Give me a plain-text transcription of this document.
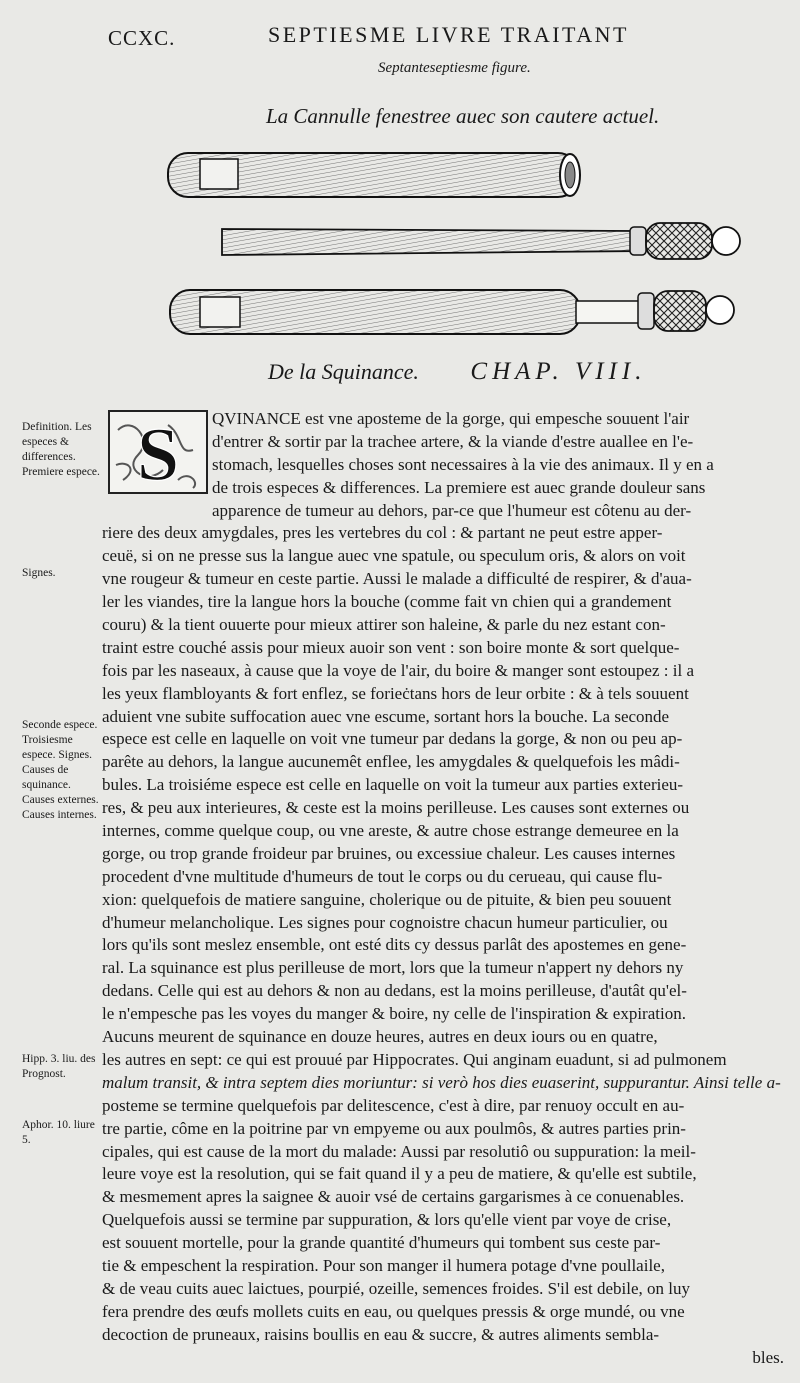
CCXC.	SEPTIESME LIVRE TRAITANT
Septanteseptiesme figure.
La Cannulle fenestree auec son cautere actuel.
De la Squinance. CHAP. VIII.
Definition. Les especes & differences. Premiere espece.
Signes.
Seconde espece. Troisiesme espece. Signes. Causes de squinance. Causes externes. Causes internes.
Hipp. 3. liu. des Prognost.
Aphor. 10. liure 5.
S	QVINANCE est vne aposteme de la gorge, qui empesche souuent l'air
d'entrer & sortir par la trachee artere, & la viande d'estre auallee en l'e-
stomach, lesquelles choses sont necessaires à la vie des animaux. Il y en a
de trois especes & differences. La premiere est auec grande douleur sans
apparence de tumeur au dehors, par-ce que l'humeur est côtenu au der-
riere des deux amygdales, pres les vertebres du col : & partant ne peut estre apper-
ceuë, si on ne presse sus la langue auec vne spatule, ou speculum oris, & alors on voit
vne rougeur & tumeur en ceste partie. Aussi le malade a difficulté de respirer, & d'aua-
ler les viandes, tire la langue hors la bouche (comme fait vn chien qui a grandement
couru) & la tient ouuerte pour mieux attirer son haleine, & parle du nez estant con-
traint estre couché assis pour mieux auoir son vent : son boire monte & sort quelque-
fois par les naseaux, à cause que la voye de l'air, du boire & manger sont estoupez : il a
les yeux flambloyants & fort enflez, se forieċtans hors de leur orbite : & à tels souuent
aduient vne subite suffocation auec vne escume, sortant hors la bouche. La seconde
espece est celle en laquelle on voit vne tumeur par dedans la gorge, & non ou peu ap-
parête au dehors, la langue aucunemêt enflee, les amygdales & quelquefois les mâdi-
bules. La troisiéme espece est celle en laquelle on voit la tumeur aux parties exterieu-
res, & peu aux interieures, & ceste est la moins perilleuse. Les causes sont externes ou
internes, comme quelque coup, ou vne areste, & autre chose estrange demeuree en la
gorge, ou trop grande froideur par bruines, ou excessiue chaleur. Les causes internes
procedent d'vne multitude d'humeurs de tout le corps ou du cerueau, qui cause flu-
xion: quelquefois de matiere sanguine, cholerique ou de pituite, & bien peu souuent
d'humeur melancholique. Les signes pour cognoistre chacun humeur particulier, ou
lors qu'ils sont meslez ensemble, ont esté dits cy dessus parlât des apostemes en gene-
ral. La squinance est plus perilleuse de mort, lors que la tumeur n'appert ny dehors ny
dedans. Celle qui est au dehors & non au dedans, est la moins perilleuse, d'autât qu'el-
le n'empesche pas les voyes du manger & boire, ny celle de l'inspiration & expiration.
Aucuns meurent de squinance en douze heures, autres en deux iours ou en quatre,
les autres en sept: ce qui est prouué par Hippocrates. Qui anginam euadunt, si ad pulmonem
malum transit, & intra septem dies moriuntur: si verò hos dies euaserint, suppurantur. Ainsi telle a-
posteme se termine quelquefois par delitescence, c'est à dire, par renuoy occult en au-
tre partie, côme en la poitrine par vn empyeme ou aux poulmôs, & autres parties prin-
cipales, qui est cause de la mort du malade: Aussi par resolutiô ou suppuration: la meil-
leure voye est la resolution, qui se fait quand il y a peu de matiere, & qu'elle est subtile,
& mesmement apres la saignee & auoir vsé de certains gargarismes à ce conuenables.
Quelquefois aussi se termine par suppuration, & lors qu'elle vient par voye de crise,
est souuent mortelle, pour la grande quantité d'humeurs qui tombent sus ceste par-
tie & empeschent la respiration. Pour son manger il humera potage d'vne poullaile,
& de veau cuits auec laictues, pourpié, ozeille, semences froides. S'il est debile, on luy
fera prendre des œufs mollets cuits en eau, ou quelques pressis & orge mundé, ou vne
decoction de pruneaux, raisins boullis en eau & succre, & autres aliments sembla-
bles.
